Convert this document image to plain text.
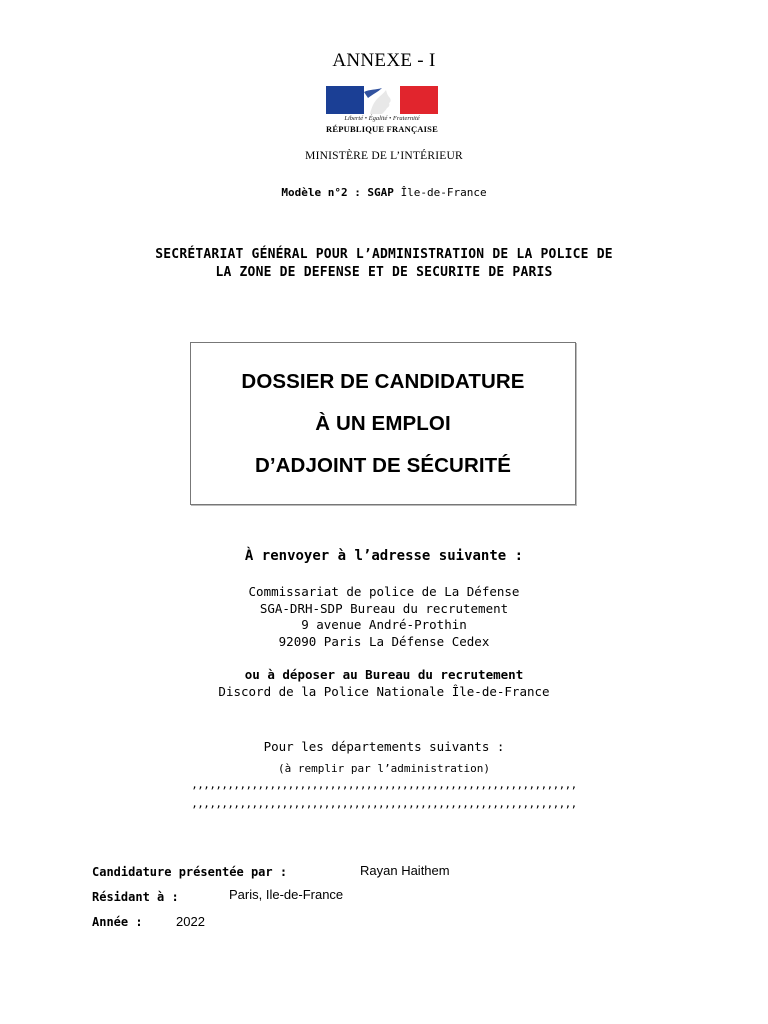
ANNEXE - I
Liberté • Égalité • Fraternité
RÉPUBLIQUE FRANÇAISE
MINISTÈRE DE L’INTÉRIEUR
Modèle n°2 : SGAP Île-de-France
SECRÉTARIAT GÉNÉRAL POUR L’ADMINISTRATION DE LA POLICE DE
LA ZONE DE DEFENSE ET DE SECURITE DE PARIS
DOSSIER DE CANDIDATURE
À UN EMPLOI
D’ADJOINT DE SÉCURITÉ
À renvoyer à l’adresse suivante :
Commissariat de police de La Défense
SGA-DRH-SDP Bureau du recrutement
9 avenue André-Prothin
92090 Paris La Défense Cedex
ou à déposer au Bureau du recrutement
Discord de la Police Nationale Île-de-France
Pour les départements suivants :
(à remplir par l’administration)
,,,,,,,,,,,,,,,,,,,,,,,,,,,,,,,,,,,,,,,,,,,,,,,,,,,,,,,,,,,,,,,,
,,,,,,,,,,,,,,,,,,,,,,,,,,,,,,,,,,,,,,,,,,,,,,,,,,,,,,,,,,,,,,,,
Candidature présentée par :	Rayan Haithem
Résidant à :	Paris, Ile-de-France
Année :	2022
